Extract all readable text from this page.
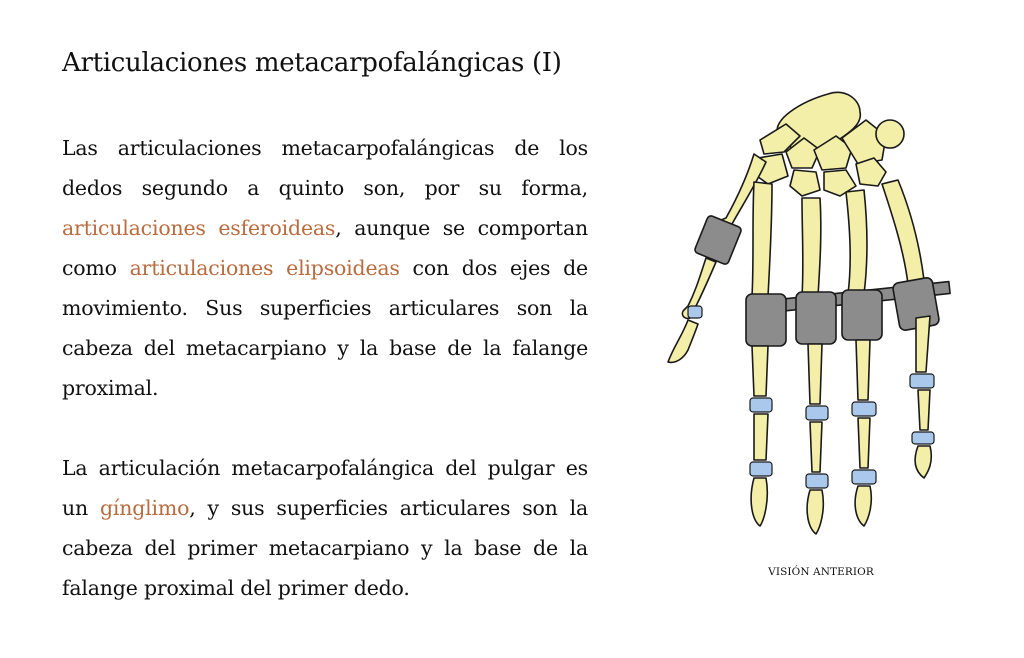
Articulaciones metacarpofalángicas (I)

Las articulaciones metacarpofalángicas de los dedos segundo a quinto son, por su forma, articulaciones esferoideas, aunque se comportan como articulaciones elipsoideas con dos ejes de movimiento. Sus superficies articulares son la cabeza del metacarpiano y la base de la falange proximal.

La articulación metacarpofalángica del pulgar es un gínglimo, y sus superficies articulares son la cabeza del primer metacarpiano y la base de la falange proximal del primer dedo.

VISIÓN ANTERIOR
